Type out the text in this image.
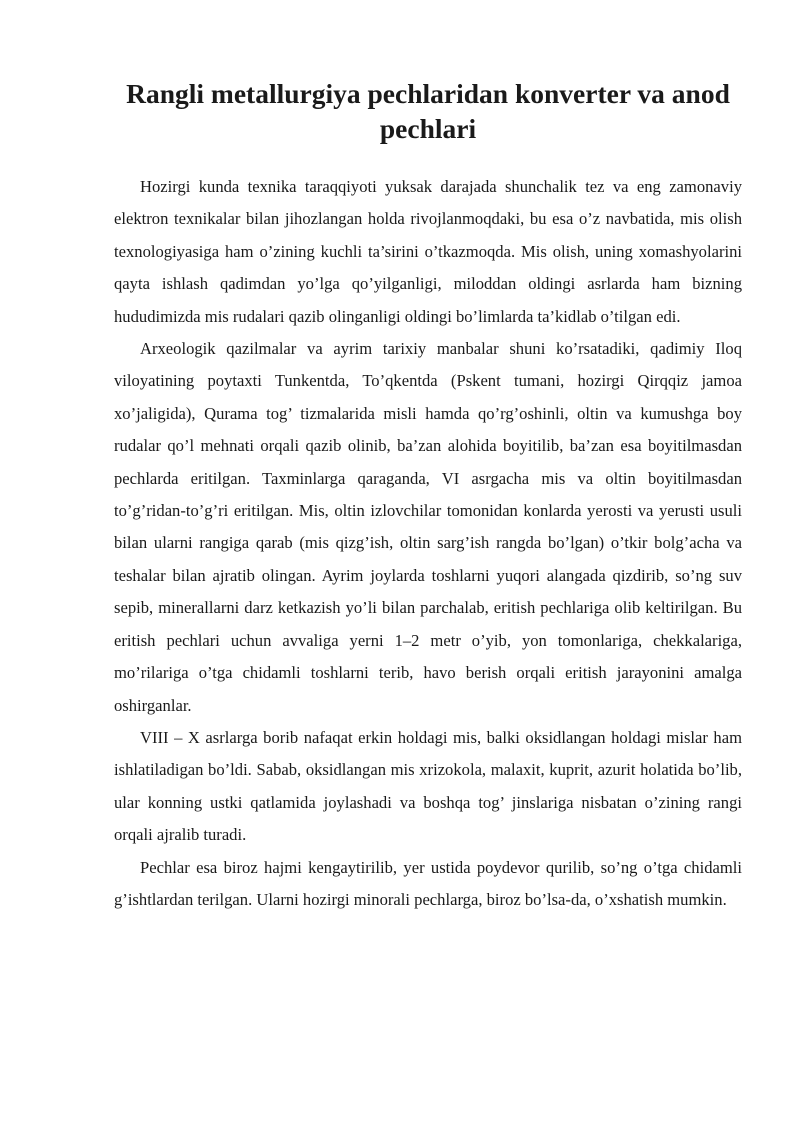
Rangli metallurgiya pechlaridan konverter va anod pechlari

Hozirgi kunda texnika taraqqiyoti yuksak darajada shunchalik tez va eng zamonaviy elektron texnikalar bilan jihozlangan holda rivojlanmoqdaki, bu esa o’z navbatida, mis olish texnologiyasiga ham o’zining kuchli ta’sirini o’tkazmoqda. Mis olish, uning xomashyolarini qayta ishlash qadimdan yo’lga qo’yilganligi, miloddan oldingi asrlarda ham bizning hududimizda mis rudalari qazib olinganligi oldingi bo’limlarda ta’kidlab o’tilgan edi.

Arxeologik qazilmalar va ayrim tarixiy manbalar shuni ko’rsatadiki, qadimiy Iloq viloyatining poytaxti Tunkentda, To’qkentda (Pskent tumani, hozirgi Qirqqiz jamoa xo’jaligida), Qurama tog’ tizmalarida misli hamda qo’rg’oshinli, oltin va kumushga boy rudalar qo’l mehnati orqali qazib olinib, ba’zan alohida boyitilib, ba’zan esa boyitilmasdan pechlarda eritilgan. Taxminlarga qaraganda, VI asrgacha mis va oltin boyitilmasdan to’g’ridan-to’g’ri eritilgan. Mis, oltin izlovchilar tomonidan konlarda yerosti va yerusti usuli bilan ularni rangiga qarab (mis qizg’ish, oltin sarg’ish rangda bo’lgan) o’tkir bolg’acha va teshalar bilan ajratib olingan. Ayrim joylarda toshlarni yuqori alangada qizdirib, so’ng suv sepib, minerallarni darz ketkazish yo’li bilan parchalab, eritish pechlariga olib keltirilgan. Bu eritish pechlari uchun avvaliga yerni 1–2 metr o’yib, yon tomonlariga, chekkalariga, mo’rilariga o’tga chidamli toshlarni terib, havo berish orqali eritish jarayonini amalga oshirganlar.

VIII – X asrlarga borib nafaqat erkin holdagi mis, balki oksidlangan holdagi mislar ham ishlatiladigan bo’ldi. Sabab, oksidlangan mis xrizokola, malaxit, kuprit, azurit holatida bo’lib, ular konning ustki qatlamida joylashadi va boshqa tog’ jinslariga nisbatan o’zining rangi orqali ajralib turadi.

Pechlar esa biroz hajmi kengaytirilib, yer ustida poydevor qurilib, so’ng o’tga chidamli g’ishtlardan terilgan. Ularni hozirgi minorali pechlarga, biroz bo’lsa-da, o’xshatish mumkin.
